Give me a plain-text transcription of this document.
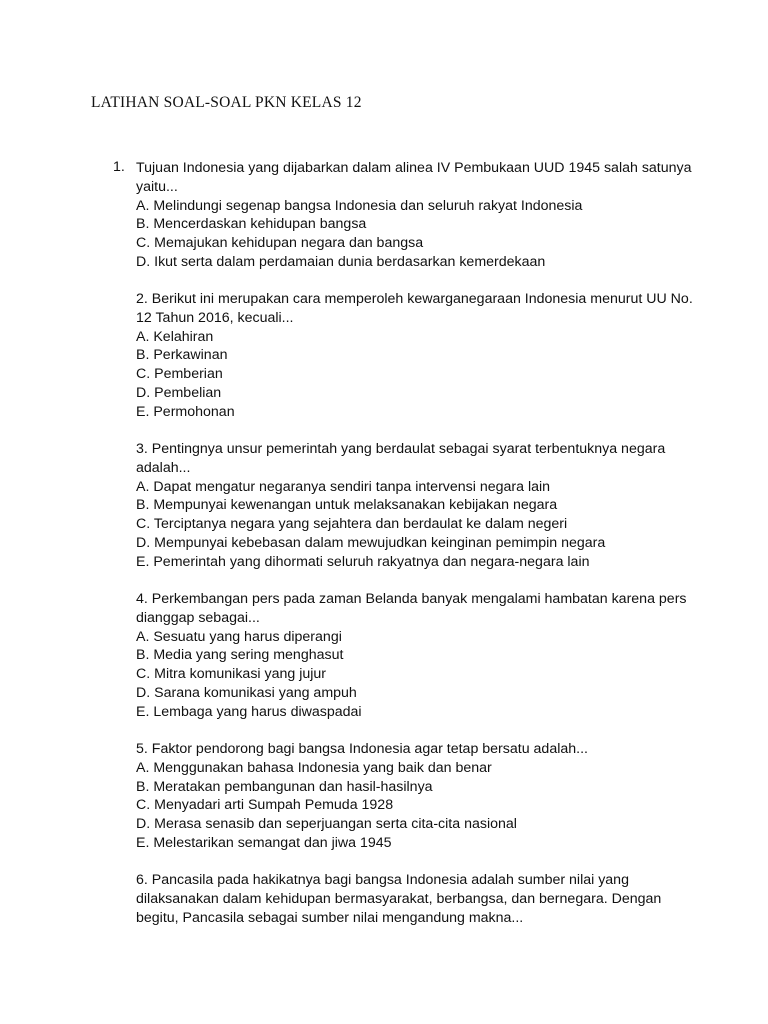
LATIHAN SOAL-SOAL PKN KELAS 12
1. Tujuan Indonesia yang dijabarkan dalam alinea IV Pembukaan UUD 1945 salah satunya
yaitu...
A. Melindungi segenap bangsa Indonesia dan seluruh rakyat Indonesia
B. Mencerdaskan kehidupan bangsa
C. Memajukan kehidupan negara dan bangsa
D. Ikut serta dalam perdamaian dunia berdasarkan kemerdekaan
2. Berikut ini merupakan cara memperoleh kewarganegaraan Indonesia menurut UU No.
12 Tahun 2016, kecuali...
A. Kelahiran
B. Perkawinan
C. Pemberian
D. Pembelian
E. Permohonan
3. Pentingnya unsur pemerintah yang berdaulat sebagai syarat terbentuknya negara
adalah...
A. Dapat mengatur negaranya sendiri tanpa intervensi negara lain
B. Mempunyai kewenangan untuk melaksanakan kebijakan negara
C. Terciptanya negara yang sejahtera dan berdaulat ke dalam negeri
D. Mempunyai kebebasan dalam mewujudkan keinginan pemimpin negara
E. Pemerintah yang dihormati seluruh rakyatnya dan negara-negara lain
4. Perkembangan pers pada zaman Belanda banyak mengalami hambatan karena pers
dianggap sebagai...
A. Sesuatu yang harus diperangi
B. Media yang sering menghasut
C. Mitra komunikasi yang jujur
D. Sarana komunikasi yang ampuh
E. Lembaga yang harus diwaspadai
5. Faktor pendorong bagi bangsa Indonesia agar tetap bersatu adalah...
A. Menggunakan bahasa Indonesia yang baik dan benar
B. Meratakan pembangunan dan hasil-hasilnya
C. Menyadari arti Sumpah Pemuda 1928
D. Merasa senasib dan seperjuangan serta cita-cita nasional
E. Melestarikan semangat dan jiwa 1945
6. Pancasila pada hakikatnya bagi bangsa Indonesia adalah sumber nilai yang
dilaksanakan dalam kehidupan bermasyarakat, berbangsa, dan bernegara. Dengan
begitu, Pancasila sebagai sumber nilai mengandung makna...
